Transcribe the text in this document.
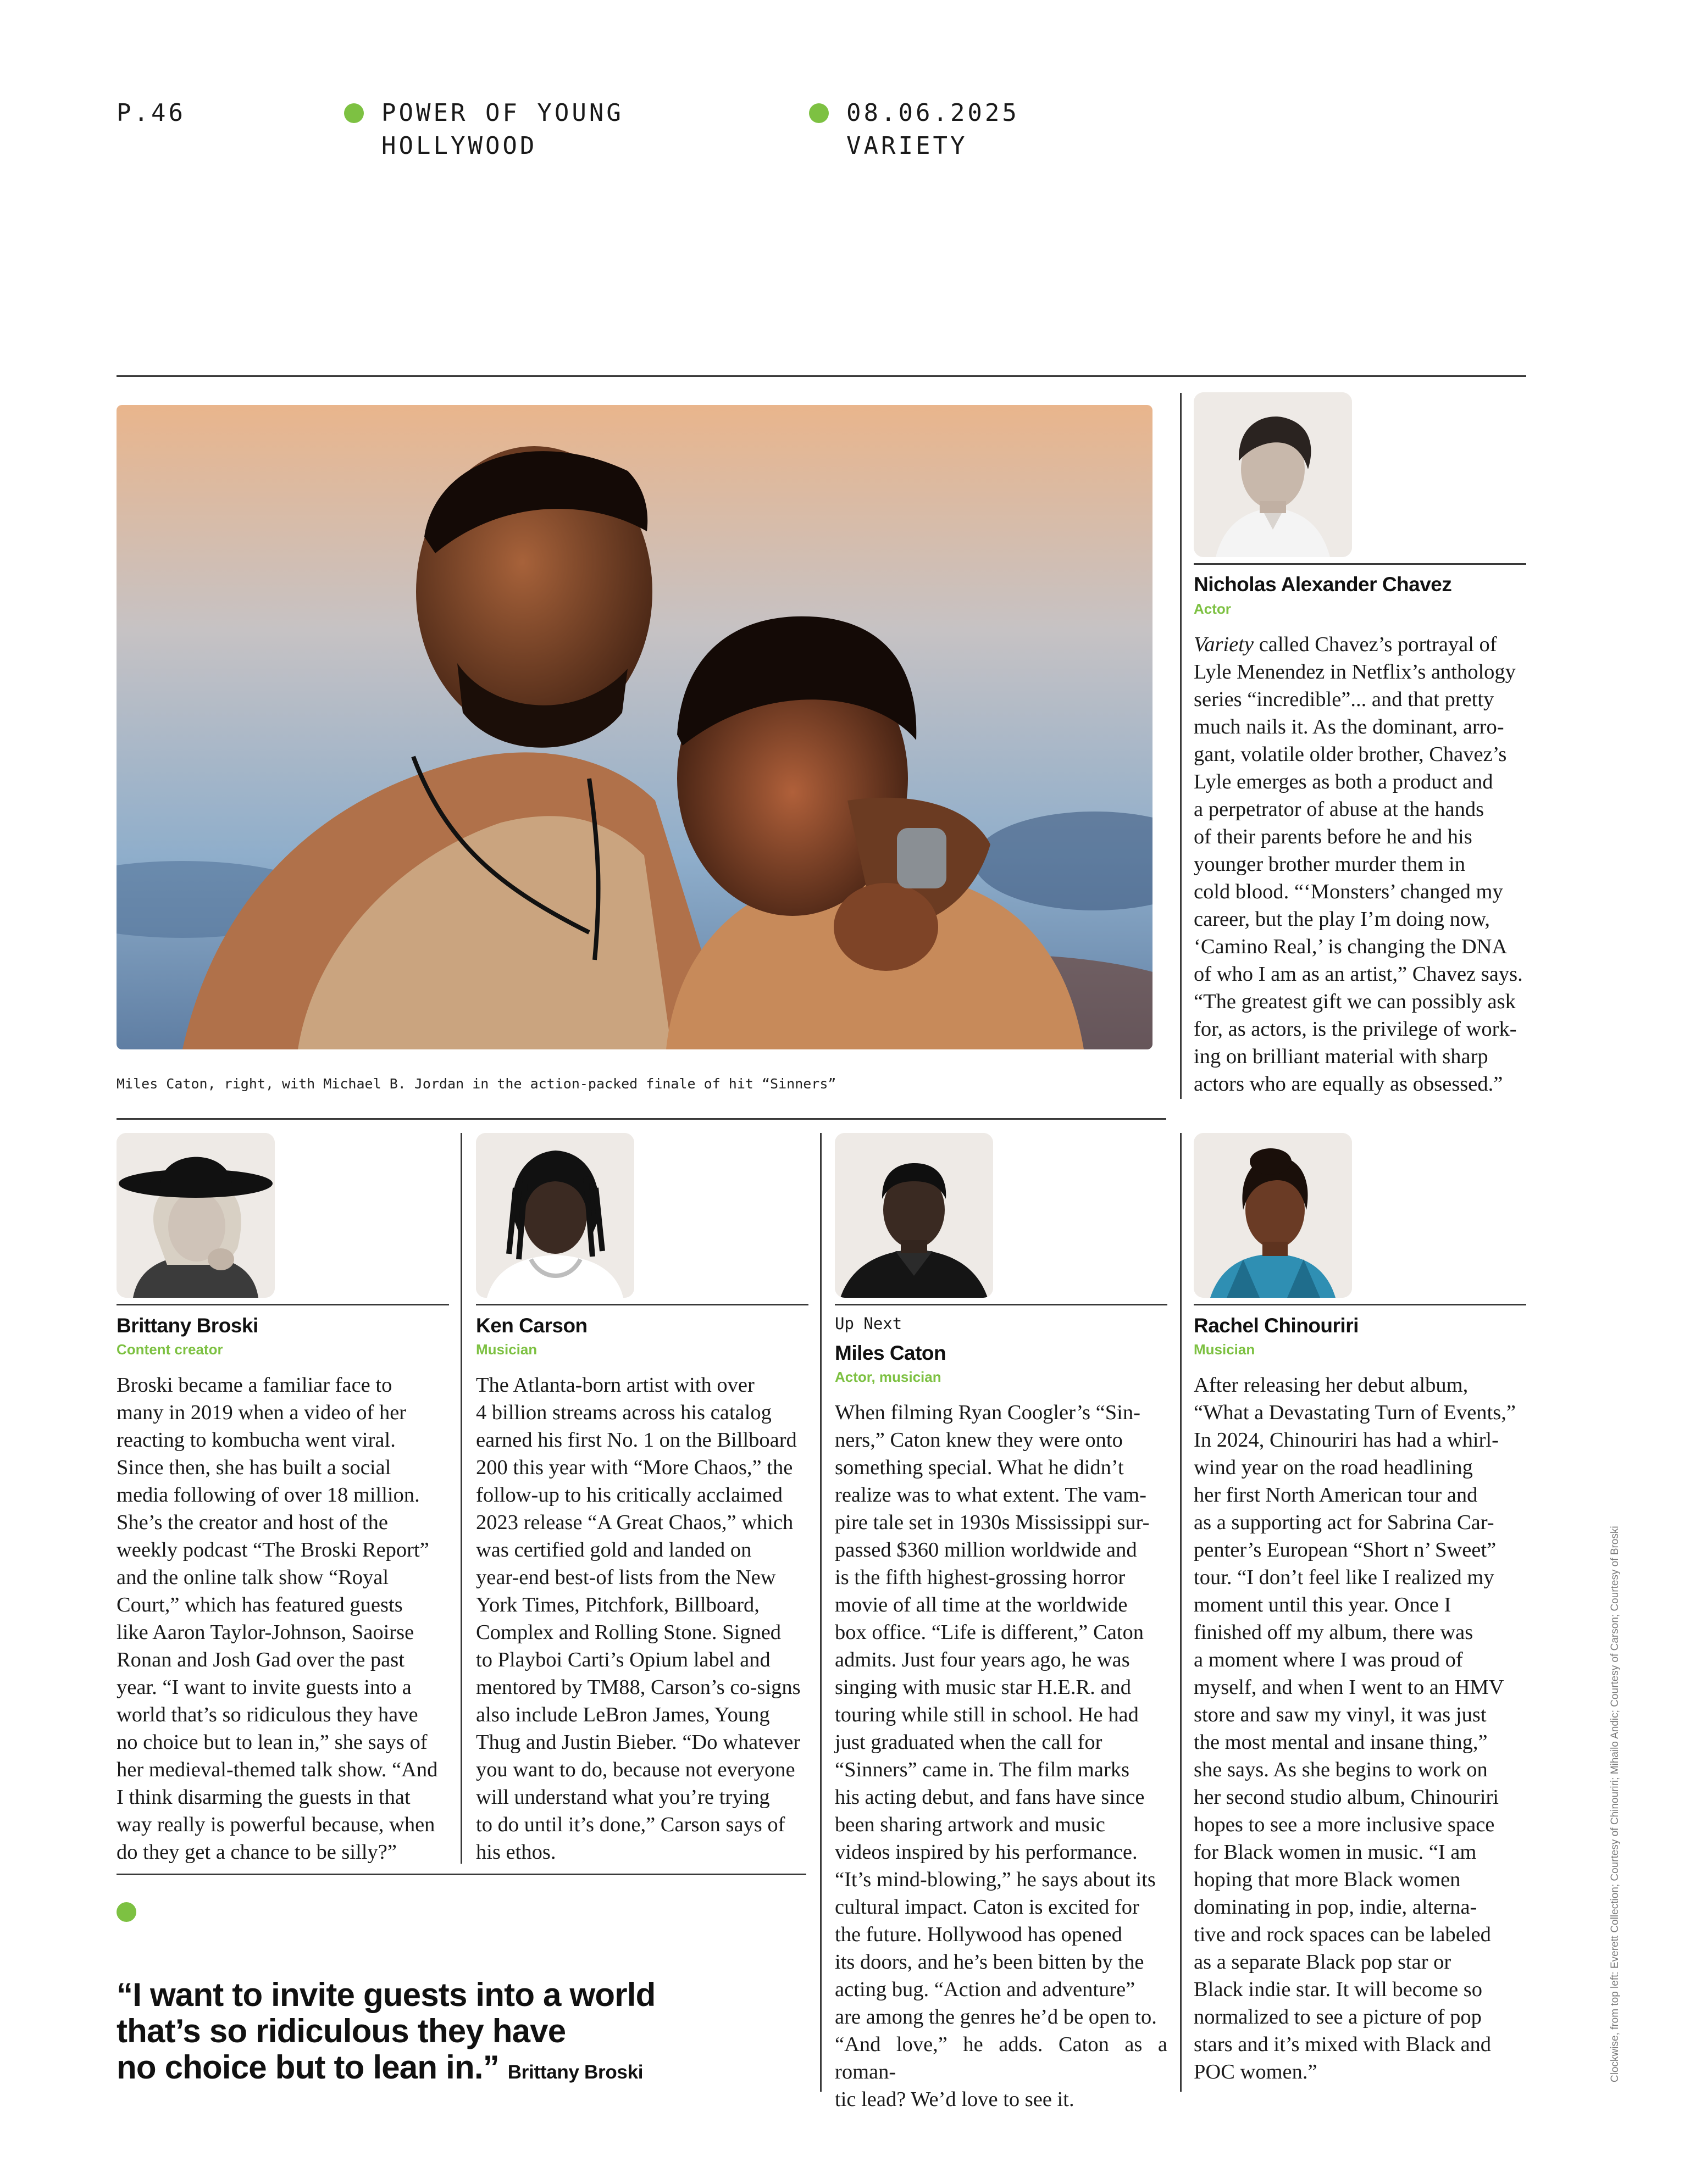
P.46	POWER OF YOUNG
HOLLYWOOD
08.06.2025
VARIETY
Miles Caton, right, with Michael B. Jordan in the action-packed finale of hit “Sinners”
Nicholas Alexander Chavez
Actor
Variety called Chavez’s portrayal of
Lyle Menendez in Netflix’s anthology
series “incredible”... and that pretty
much nails it. As the dominant, arro-
gant, volatile older brother, Chavez’s
Lyle emerges as both a product and
a perpetrator of abuse at the hands
of their parents before he and his
younger brother murder them in
cold blood. “‘Monsters’ changed my
career, but the play I’m doing now,
‘Camino Real,’ is changing the DNA
of who I am as an artist,” Chavez says.
“The greatest gift we can possibly ask
for, as actors, is the privilege of work-
ing on brilliant material with sharp
actors who are equally as obsessed.”
Brittany Broski
Content creator
Broski became a familiar face to
many in 2019 when a video of her
reacting to kombucha went viral.
Since then, she has built a social
media following of over 18 million.
She’s the creator and host of the
weekly podcast “The Broski Report”
and the online talk show “Royal
Court,” which has featured guests
like Aaron Taylor-Johnson, Saoirse
Ronan and Josh Gad over the past
year. “I want to invite guests into a
world that’s so ridiculous they have
no choice but to lean in,” she says of
her medieval-themed talk show. “And
I think disarming the guests in that
way really is powerful because, when
do they get a chance to be silly?”
Ken Carson
Musician
The Atlanta-born artist with over
4 billion streams across his catalog
earned his first No. 1 on the Billboard
200 this year with “More Chaos,” the
follow-up to his critically acclaimed
2023 release “A Great Chaos,” which
was certified gold and landed on
year-end best-of lists from the New
York Times, Pitchfork, Billboard,
Complex and Rolling Stone. Signed
to Playboi Carti’s Opium label and
mentored by TM88, Carson’s co-signs
also include LeBron James, Young
Thug and Justin Bieber. “Do whatever
you want to do, because not everyone
will understand what you’re trying
to do until it’s done,” Carson says of
his ethos.
Up Next
Miles Caton
Actor, musician
When filming Ryan Coogler’s “Sin-
ners,” Caton knew they were onto
something special. What he didn’t
realize was to what extent. The vam-
pire tale set in 1930s Mississippi sur-
passed $360 million worldwide and
is the fifth highest-grossing horror
movie of all time at the worldwide
box office. “Life is different,” Caton
admits. Just four years ago, he was
singing with music star H.E.R. and
touring while still in school. He had
just graduated when the call for
“Sinners” came in. The film marks
his acting debut, and fans have since
been sharing artwork and music
videos inspired by his performance.
“It’s mind-blowing,” he says about its
cultural impact. Caton is excited for
the future. Hollywood has opened
its doors, and he’s been bitten by the
acting bug. “Action and adventure”
are among the genres he’d be open to.
“And love,” he adds. Caton as a roman-
tic lead? We’d love to see it.
Rachel Chinouriri
Musician
After releasing her debut album,
“What a Devastating Turn of Events,”
In 2024, Chinouriri has had a whirl-
wind year on the road headlining
her first North American tour and
as a supporting act for Sabrina Car-
penter’s European “Short n’ Sweet”
tour. “I don’t feel like I realized my
moment until this year. Once I
finished off my album, there was
a moment where I was proud of
myself, and when I went to an HMV
store and saw my vinyl, it was just
the most mental and insane thing,”
she says. As she begins to work on
her second studio album, Chinouriri
hopes to see a more inclusive space
for Black women in music. “I am
hoping that more Black women
dominating in pop, indie, alterna-
tive and rock spaces can be labeled
as a separate Black pop star or
Black indie star. It will become so
normalized to see a picture of pop
stars and it’s mixed with Black and
POC women.”
“I want to invite guests into a world
that’s so ridiculous they have
no choice but to lean in.” Brittany Broski	Clockwise, from top left: Everett Collection; Courtesy of Chinouriri; Mihailo Andic; Courtesy of Carson; Courtesy of Broski
